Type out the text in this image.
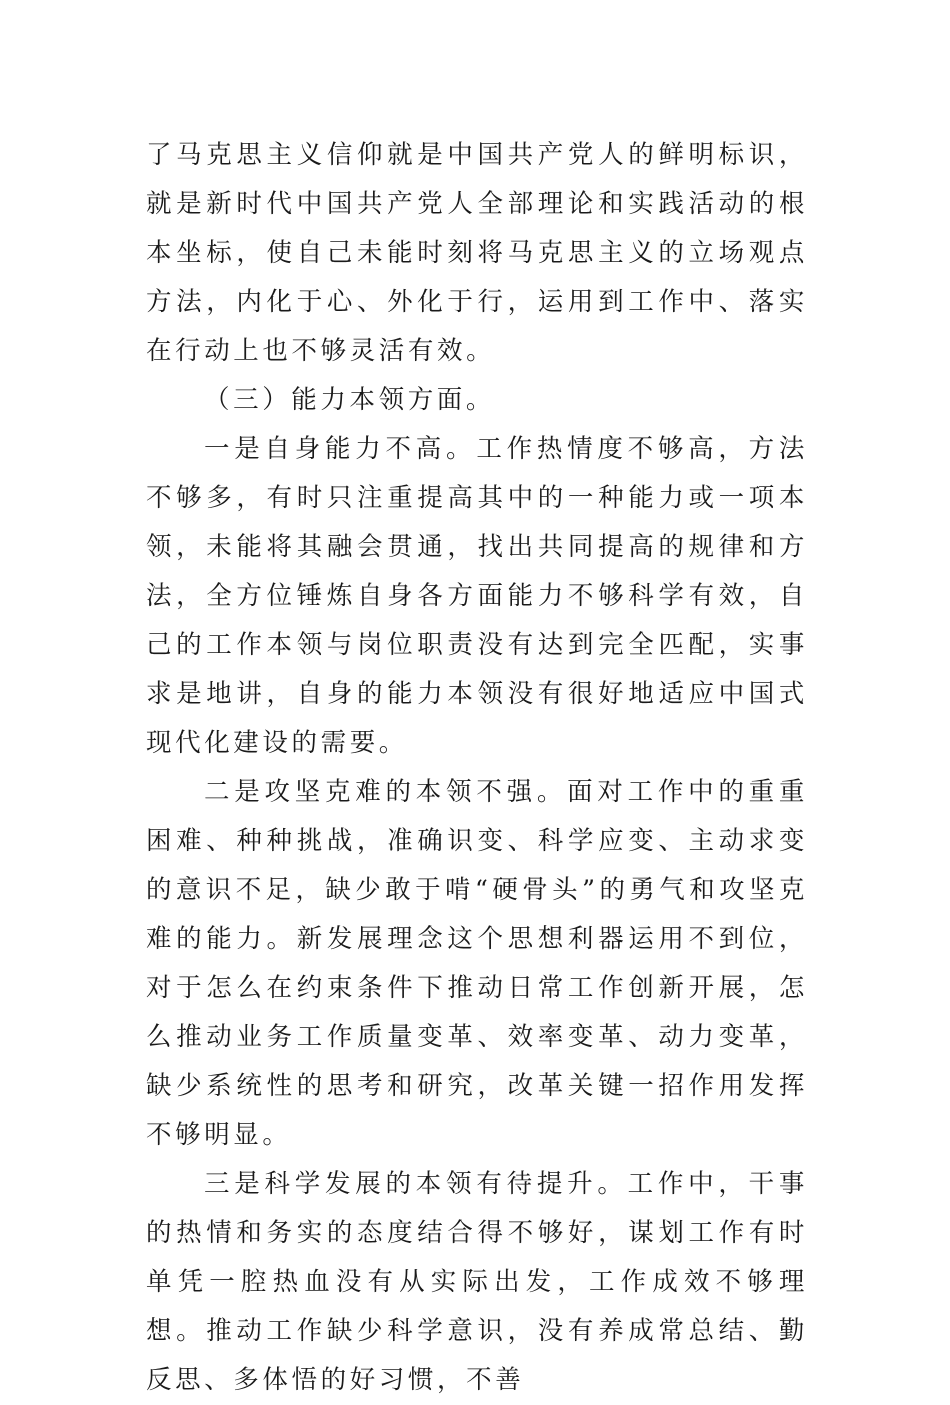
了马克思主义信仰就是中国共产党人的鲜明标识，就是新时代中国共产党人全部理论和实践活动的根本坐标，使自己未能时刻将马克思主义的立场观点方法，内化于心、外化于行，运用到工作中、落实在行动上也不够灵活有效。

（三）能力本领方面。

一是自身能力不高。工作热情度不够高，方法不够多，有时只注重提高其中的一种能力或一项本领，未能将其融会贯通，找出共同提高的规律和方法，全方位锤炼自身各方面能力不够科学有效，自己的工作本领与岗位职责没有达到完全匹配，实事求是地讲，自身的能力本领没有很好地适应中国式现代化建设的需要。

二是攻坚克难的本领不强。面对工作中的重重困难、种种挑战，准确识变、科学应变、主动求变的意识不足，缺少敢于啃“硬骨头”的勇气和攻坚克难的能力。新发展理念这个思想利器运用不到位，对于怎么在约束条件下推动日常工作创新开展，怎么推动业务工作质量变革、效率变革、动力变革，缺少系统性的思考和研究，改革关键一招作用发挥不够明显。

三是科学发展的本领有待提升。工作中，干事的热情和务实的态度结合得不够好，谋划工作有时单凭一腔热血没有从实际出发，工作成效不够理想。推动工作缺少科学意识，没有养成常总结、勤反思、多体悟的好习惯，不善
